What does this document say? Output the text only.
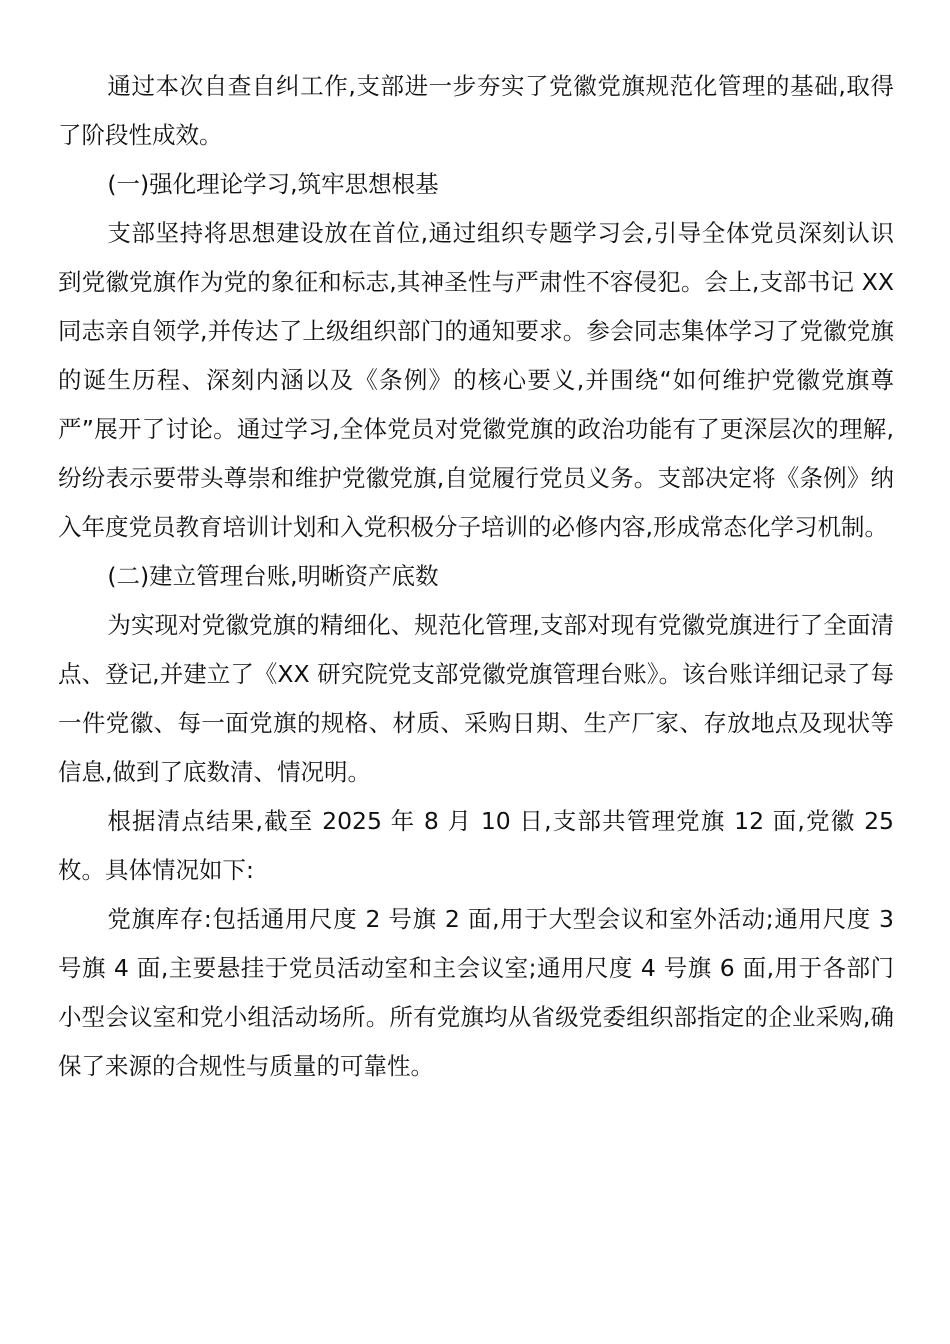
通过本次自查自纠工作,支部进一步夯实了党徽党旗规范化管理的基础,取得了阶段性成效。

(一)强化理论学习,筑牢思想根基

支部坚持将思想建设放在首位,通过组织专题学习会,引导全体党员深刻认识到党徽党旗作为党的象征和标志,其神圣性与严肃性不容侵犯。会上,支部书记 XX 同志亲自领学,并传达了上级组织部门的通知要求。参会同志集体学习了党徽党旗的诞生历程、深刻内涵以及《条例》的核心要义,并围绕“如何维护党徽党旗尊严”展开了讨论。通过学习,全体党员对党徽党旗的政治功能有了更深层次的理解,纷纷表示要带头尊崇和维护党徽党旗,自觉履行党员义务。支部决定将《条例》纳入年度党员教育培训计划和入党积极分子培训的必修内容,形成常态化学习机制。

(二)建立管理台账,明晰资产底数

为实现对党徽党旗的精细化、规范化管理,支部对现有党徽党旗进行了全面清点、登记,并建立了《XX 研究院党支部党徽党旗管理台账》。该台账详细记录了每一件党徽、每一面党旗的规格、材质、采购日期、生产厂家、存放地点及现状等信息,做到了底数清、情况明。

根据清点结果,截至 2025 年 8 月 10 日,支部共管理党旗 12 面,党徽 25 枚。具体情况如下:

党旗库存:包括通用尺度 2 号旗 2 面,用于大型会议和室外活动;通用尺度 3 号旗 4 面,主要悬挂于党员活动室和主会议室;通用尺度 4 号旗 6 面,用于各部门小型会议室和党小组活动场所。所有党旗均从省级党委组织部指定的企业采购,确保了来源的合规性与质量的可靠性。
